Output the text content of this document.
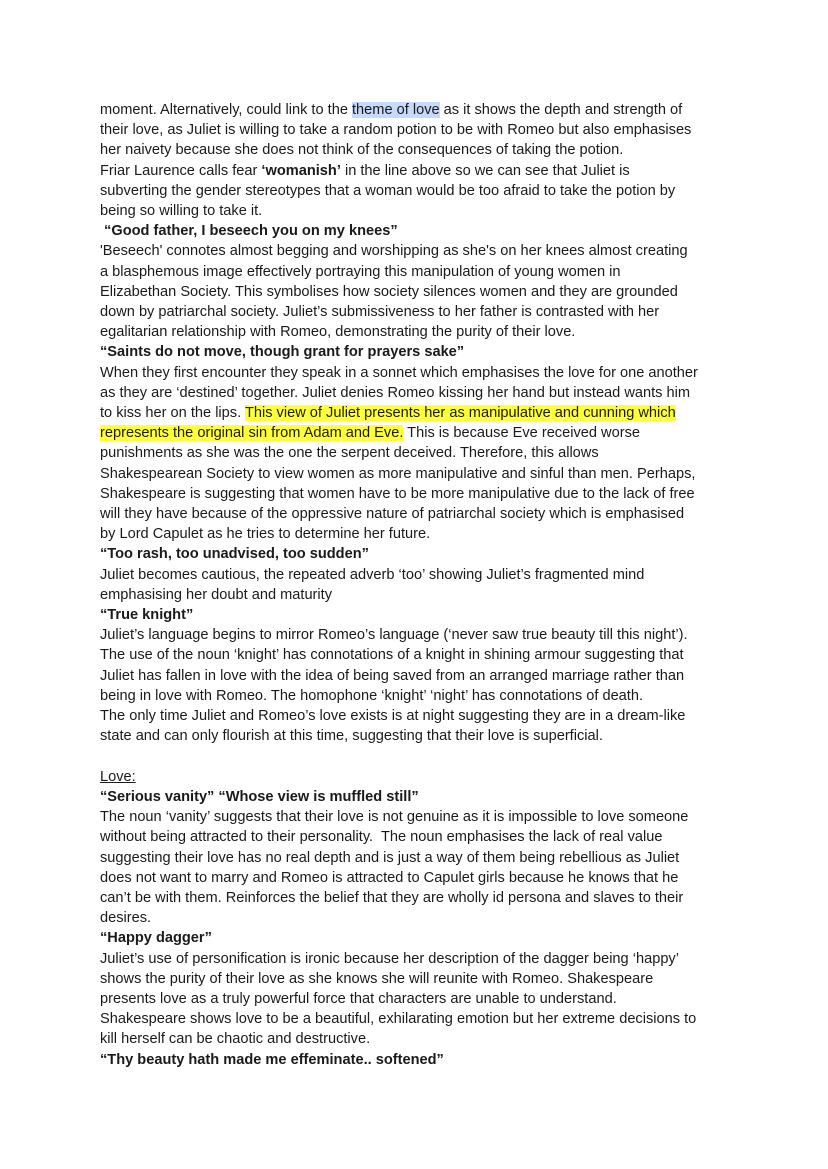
moment. Alternatively, could link to the theme of love as it shows the depth and strength of
their love, as Juliet is willing to take a random potion to be with Romeo but also emphasises
her naivety because she does not think of the consequences of taking the potion.
Friar Laurence calls fear ‘womanish’ in the line above so we can see that Juliet is
subverting the gender stereotypes that a woman would be too afraid to take the potion by
being so willing to take it.
“Good father, I beseech you on my knees”
'Beseech' connotes almost begging and worshipping as she's on her knees almost creating
a blasphemous image effectively portraying this manipulation of young women in
Elizabethan Society. This symbolises how society silences women and they are grounded
down by patriarchal society. Juliet’s submissiveness to her father is contrasted with her
egalitarian relationship with Romeo, demonstrating the purity of their love.
“Saints do not move, though grant for prayers sake”
When they first encounter they speak in a sonnet which emphasises the love for one another
as they are ‘destined’ together. Juliet denies Romeo kissing her hand but instead wants him
to kiss her on the lips. This view of Juliet presents her as manipulative and cunning which
represents the original sin from Adam and Eve. This is because Eve received worse
punishments as she was the one the serpent deceived. Therefore, this allows
Shakespearean Society to view women as more manipulative and sinful than men. Perhaps,
Shakespeare is suggesting that women have to be more manipulative due to the lack of free
will they have because of the oppressive nature of patriarchal society which is emphasised
by Lord Capulet as he tries to determine her future.
“Too rash, too unadvised, too sudden”
Juliet becomes cautious, the repeated adverb ‘too’ showing Juliet’s fragmented mind
emphasising her doubt and maturity
“True knight”
Juliet’s language begins to mirror Romeo’s language (‘never saw true beauty till this night’).
The use of the noun ‘knight’ has connotations of a knight in shining armour suggesting that
Juliet has fallen in love with the idea of being saved from an arranged marriage rather than
being in love with Romeo. The homophone ‘knight’ ‘night’ has connotations of death.
The only time Juliet and Romeo’s love exists is at night suggesting they are in a dream-like
state and can only flourish at this time, suggesting that their love is superficial.
Love:
“Serious vanity” “Whose view is muffled still”
The noun ‘vanity’ suggests that their love is not genuine as it is impossible to love someone
without being attracted to their personality.  The noun emphasises the lack of real value
suggesting their love has no real depth and is just a way of them being rebellious as Juliet
does not want to marry and Romeo is attracted to Capulet girls because he knows that he
can’t be with them. Reinforces the belief that they are wholly id persona and slaves to their
desires.
“Happy dagger”
Juliet’s use of personification is ironic because her description of the dagger being ‘happy’
shows the purity of their love as she knows she will reunite with Romeo. Shakespeare
presents love as a truly powerful force that characters are unable to understand.
Shakespeare shows love to be a beautiful, exhilarating emotion but her extreme decisions to
kill herself can be chaotic and destructive.
“Thy beauty hath made me effeminate.. softened”
